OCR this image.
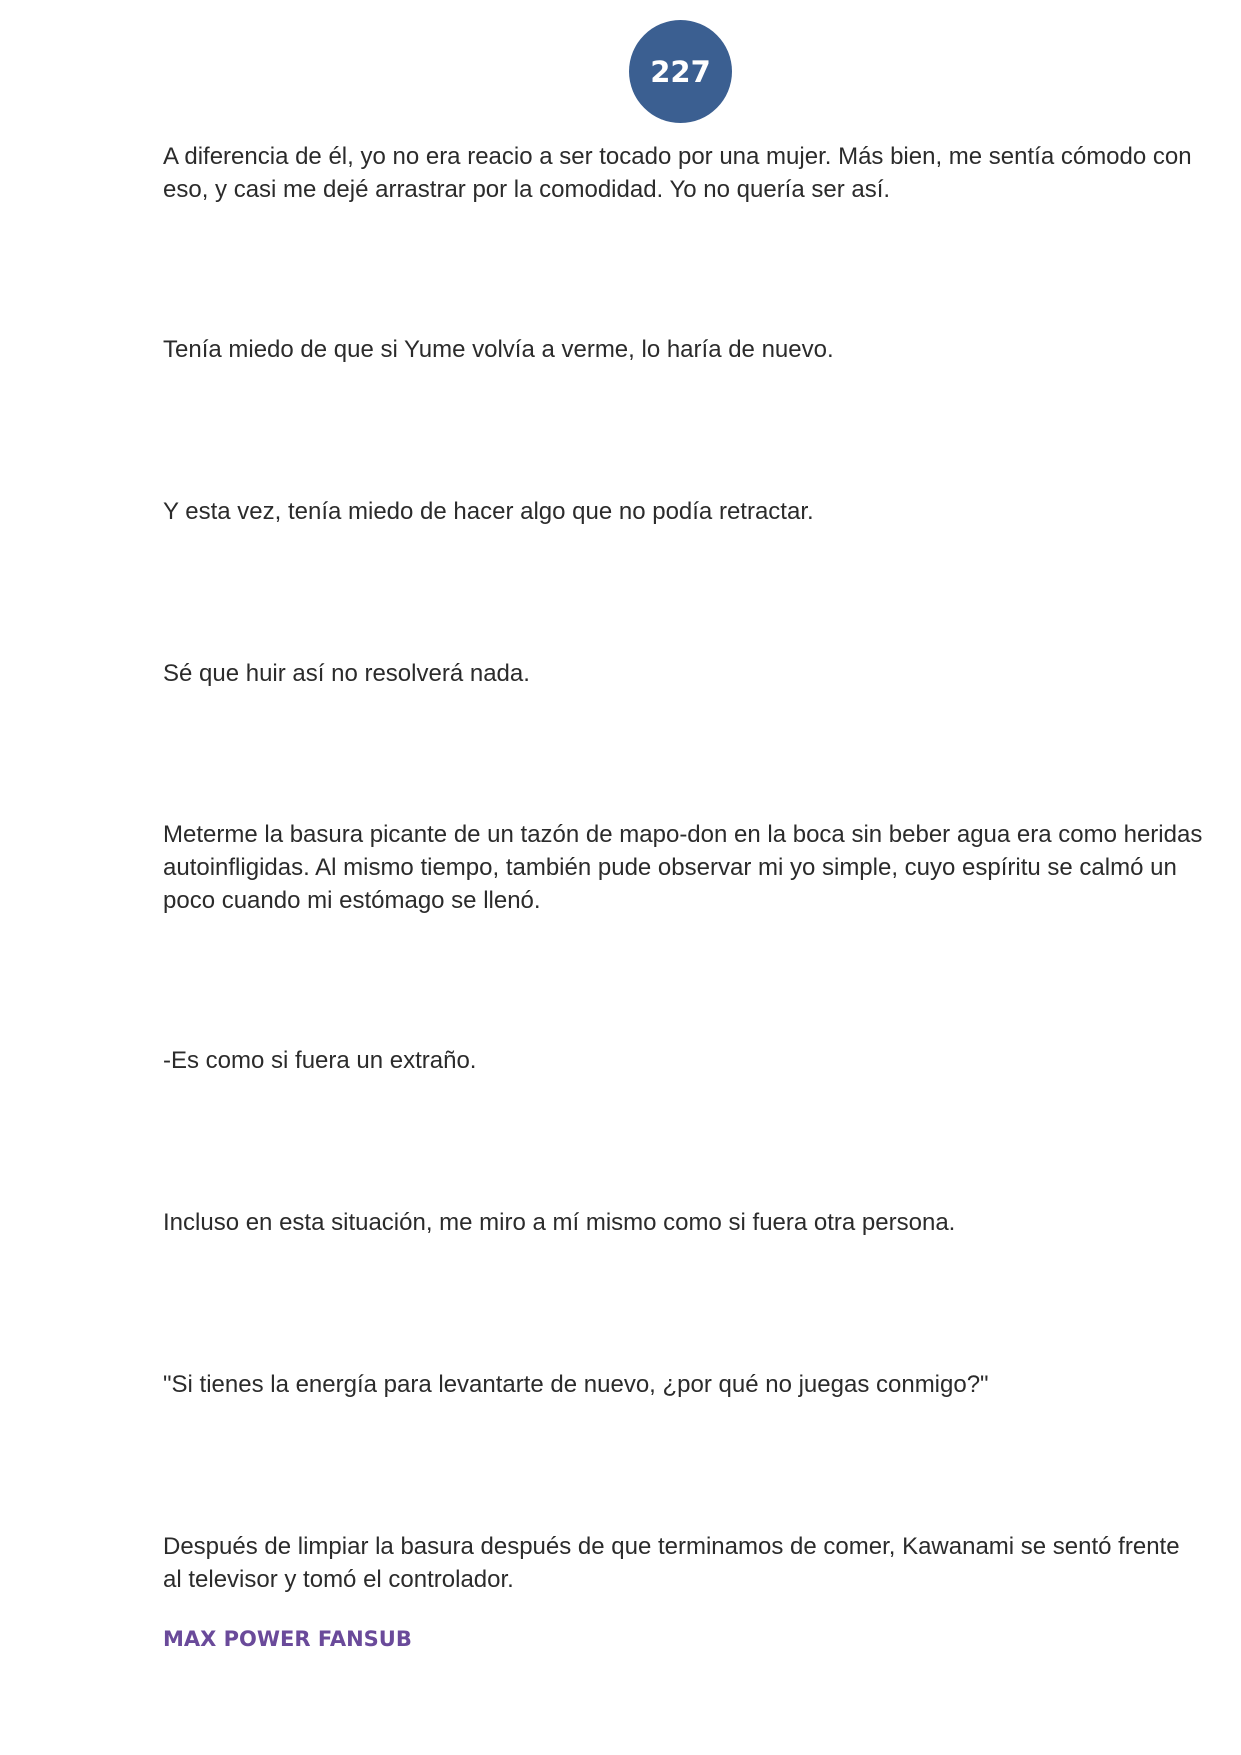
227

A diferencia de él, yo no era reacio a ser tocado por una mujer. Más bien, me sentía cómodo con eso, y casi me dejé arrastrar por la comodidad. Yo no quería ser así.

Tenía miedo de que si Yume volvía a verme, lo haría de nuevo.

Y esta vez, tenía miedo de hacer algo que no podía retractar.

Sé que huir así no resolverá nada.

Meterme la basura picante de un tazón de mapo-don en la boca sin beber agua era como heridas autoinfligidas. Al mismo tiempo, también pude observar mi yo simple, cuyo espíritu se calmó un poco cuando mi estómago se llenó.

-Es como si fuera un extraño.

Incluso en esta situación, me miro a mí mismo como si fuera otra persona.

"Si tienes la energía para levantarte de nuevo, ¿por qué no juegas conmigo?"

Después de limpiar la basura después de que terminamos de comer, Kawanami se sentó frente al televisor y tomó el controlador.

MAX POWER FANSUB
